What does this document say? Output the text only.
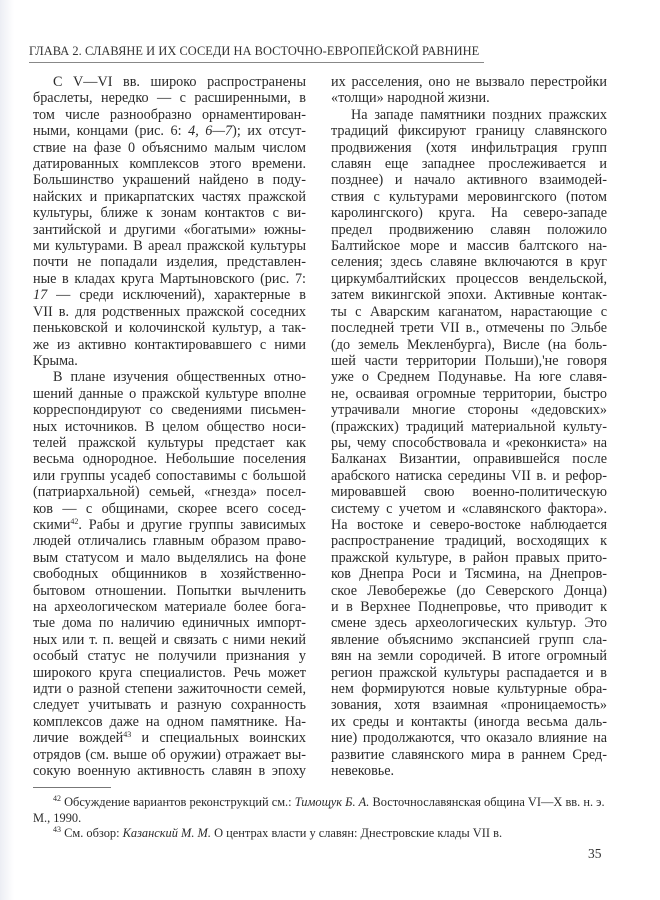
ГЛАВА 2. СЛАВЯНЕ И ИХ СОСЕДИ НА ВОСТОЧНО-ЕВРОПЕЙСКОЙ РАВНИНЕ
С V—VI вв. широко распространены
браслеты, нередко — с расширенными, в
том числе разнообразно орнаментирован-
ными, концами (рис. 6: 4, 6—7); их отсут-
ствие на фазе 0 объяснимо малым числом
датированных комплексов этого времени.
Большинство украшений найдено в поду-
найских и прикарпатских частях пражской
культуры, ближе к зонам контактов с ви-
зантийской и другими «богатыми» южны-
ми культурами. В ареал пражской культуры
почти не попадали изделия, представлен-
ные в кладах круга Мартыновского (рис. 7:
17 — среди исключений), характерные в
VII в. для родственных пражской соседних
пеньковской и колочинской культур, а так-
же из активно контактировавшего с ними
Крыма.
В плане изучения общественных отно-
шений данные о пражской культуре вполне
корреспондируют со сведениями письмен-
ных источников. В целом общество носи-
телей пражской культуры предстает как
весьма однородное. Небольшие поселения
или группы усадеб сопоставимы с большой
(патриархальной) семьей, «гнезда» посел-
ков — с общинами, скорее всего сосед-
скими$^{42}$. Рабы и другие группы зависимых
людей отличались главным образом право-
вым статусом и мало выделялись на фоне
свободных общинников в хозяйственно-
бытовом отношении. Попытки вычленить
на археологическом материале более бога-
тые дома по наличию единичных импорт-
ных или т. п. вещей и связать с ними некий
особый статус не получили признания у
широкого круга специалистов. Речь может
идти о разной степени зажиточности семей,
следует учитывать и разную сохранность
комплексов даже на одном памятнике. На-
личие вождей$^{43}$ и специальных воинских
отрядов (см. выше об оружии) отражает вы-
сокую военную активность славян в эпоху
их расселения, оно не вызвало перестройки
«толщи» народной жизни.
На западе памятники поздних пражских
традиций фиксируют границу славянского
продвижения (хотя инфильтрация групп
славян еще западнее прослеживается и
позднее) и начало активного взаимодей-
ствия с культурами меровингского (потом
каролингского) круга. На северо-западе
предел продвижению славян положило
Балтийское море и массив балтского на-
селения; здесь славяне включаются в круг
циркумбалтийских процессов вендельской,
затем викингской эпохи. Активные контак-
ты с Аварским каганатом, нарастающие с
последней трети VII в., отмечены по Эльбе
(до земель Мекленбурга), Висле (на боль-
шей части территории Польши),'не говоря
уже о Среднем Подунавье. На юге славя-
не, осваивая огромные территории, быстро
утрачивали многие стороны «дедовских»
(пражских) традиций материальной культу-
ры, чему способствовала и «реконкиста» на
Балканах Византии, оправившейся после
арабского натиска середины VII в. и рефор-
мировавшей свою военно-политическую
систему с учетом и «славянского фактора».
На востоке и северо-востоке наблюдается
распространение традиций, восходящих к
пражской культуре, в район правых прито-
ков Днепра Роси и Тясмина, на Днепров-
ское Левобережье (до Северского Донца)
и в Верхнее Поднепровье, что приводит к
смене здесь археологических культур. Это
явление объяснимо экспансией групп сла-
вян на земли сородичей. В итоге огромный
регион пражской культуры распадается и в
нем формируются новые культурные обра-
зования, хотя взаимная «проницаемость»
их среды и контакты (иногда весьма даль-
ние) продолжаются, что оказало влияние на
развитие славянского мира в раннем Сред-
невековье.
$^{42}$ Обсуждение вариантов реконструкций см.: Тимощук Б. А. Восточнославянская община VI—X вв. н. э.
М., 1990.
$^{43}$ См. обзор: Казанский М. М. О центрах власти у славян: Днестровские клады VII в.
35
